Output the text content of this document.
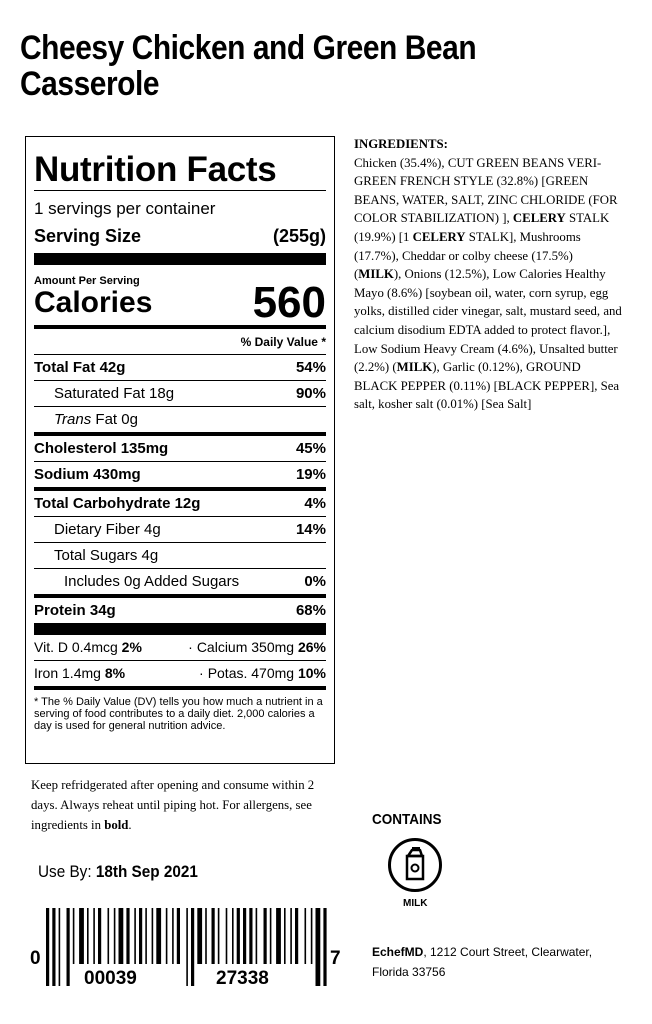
Cheesy Chicken and Green Bean Casserole
Nutrition Facts
1 servings per container
Serving Size	(255g)
Amount Per Serving
Calories 560
% Daily Value *
Total Fat 42g	54%
Saturated Fat 18g	90%
Trans Fat 0g
Cholesterol 135mg	45%
Sodium 430mg	19%
Total Carbohydrate 12g	4%
Dietary Fiber 4g	14%
Total Sugars 4g
Includes 0g Added Sugars	0%
Protein 34g	68%
Vit. D 0.4mcg 2%	· Calcium 350mg 26%
Iron 1.4mg 8%	· Potas. 470mg 10%
* The % Daily Value (DV) tells you how much a nutrient in a serving of food contributes to a daily diet. 2,000 calories a day is used for general nutrition advice.
INGREDIENTS:
Chicken (35.4%), CUT GREEN BEANS VERI-GREEN FRENCH STYLE (32.8%) [GREEN BEANS, WATER, SALT, ZINC CHLORIDE (FOR COLOR STABILIZATION) ], CELERY STALK (19.9%) [1 CELERY STALK], Mushrooms (17.7%), Cheddar or colby cheese (17.5%) (MILK), Onions (12.5%), Low Calories Healthy Mayo (8.6%) [soybean oil, water, corn syrup, egg yolks, distilled cider vinegar, salt, mustard seed, and calcium disodium EDTA added to protect flavor.], Low Sodium Heavy Cream (4.6%), Unsalted butter (2.2%) (MILK), Garlic (0.12%), GROUND BLACK PEPPER (0.11%) [BLACK PEPPER], Sea salt, kosher salt (0.01%) [Sea Salt]
Keep refridgerated after opening and consume within 2 days. Always reheat until piping hot. For allergens, see ingredients in bold.	CONTAINS
MILK
Use By: 18th Sep 2021
0
00039	27338
7	EchefMD, 1212 Court Street, Clearwater, Florida 33756
